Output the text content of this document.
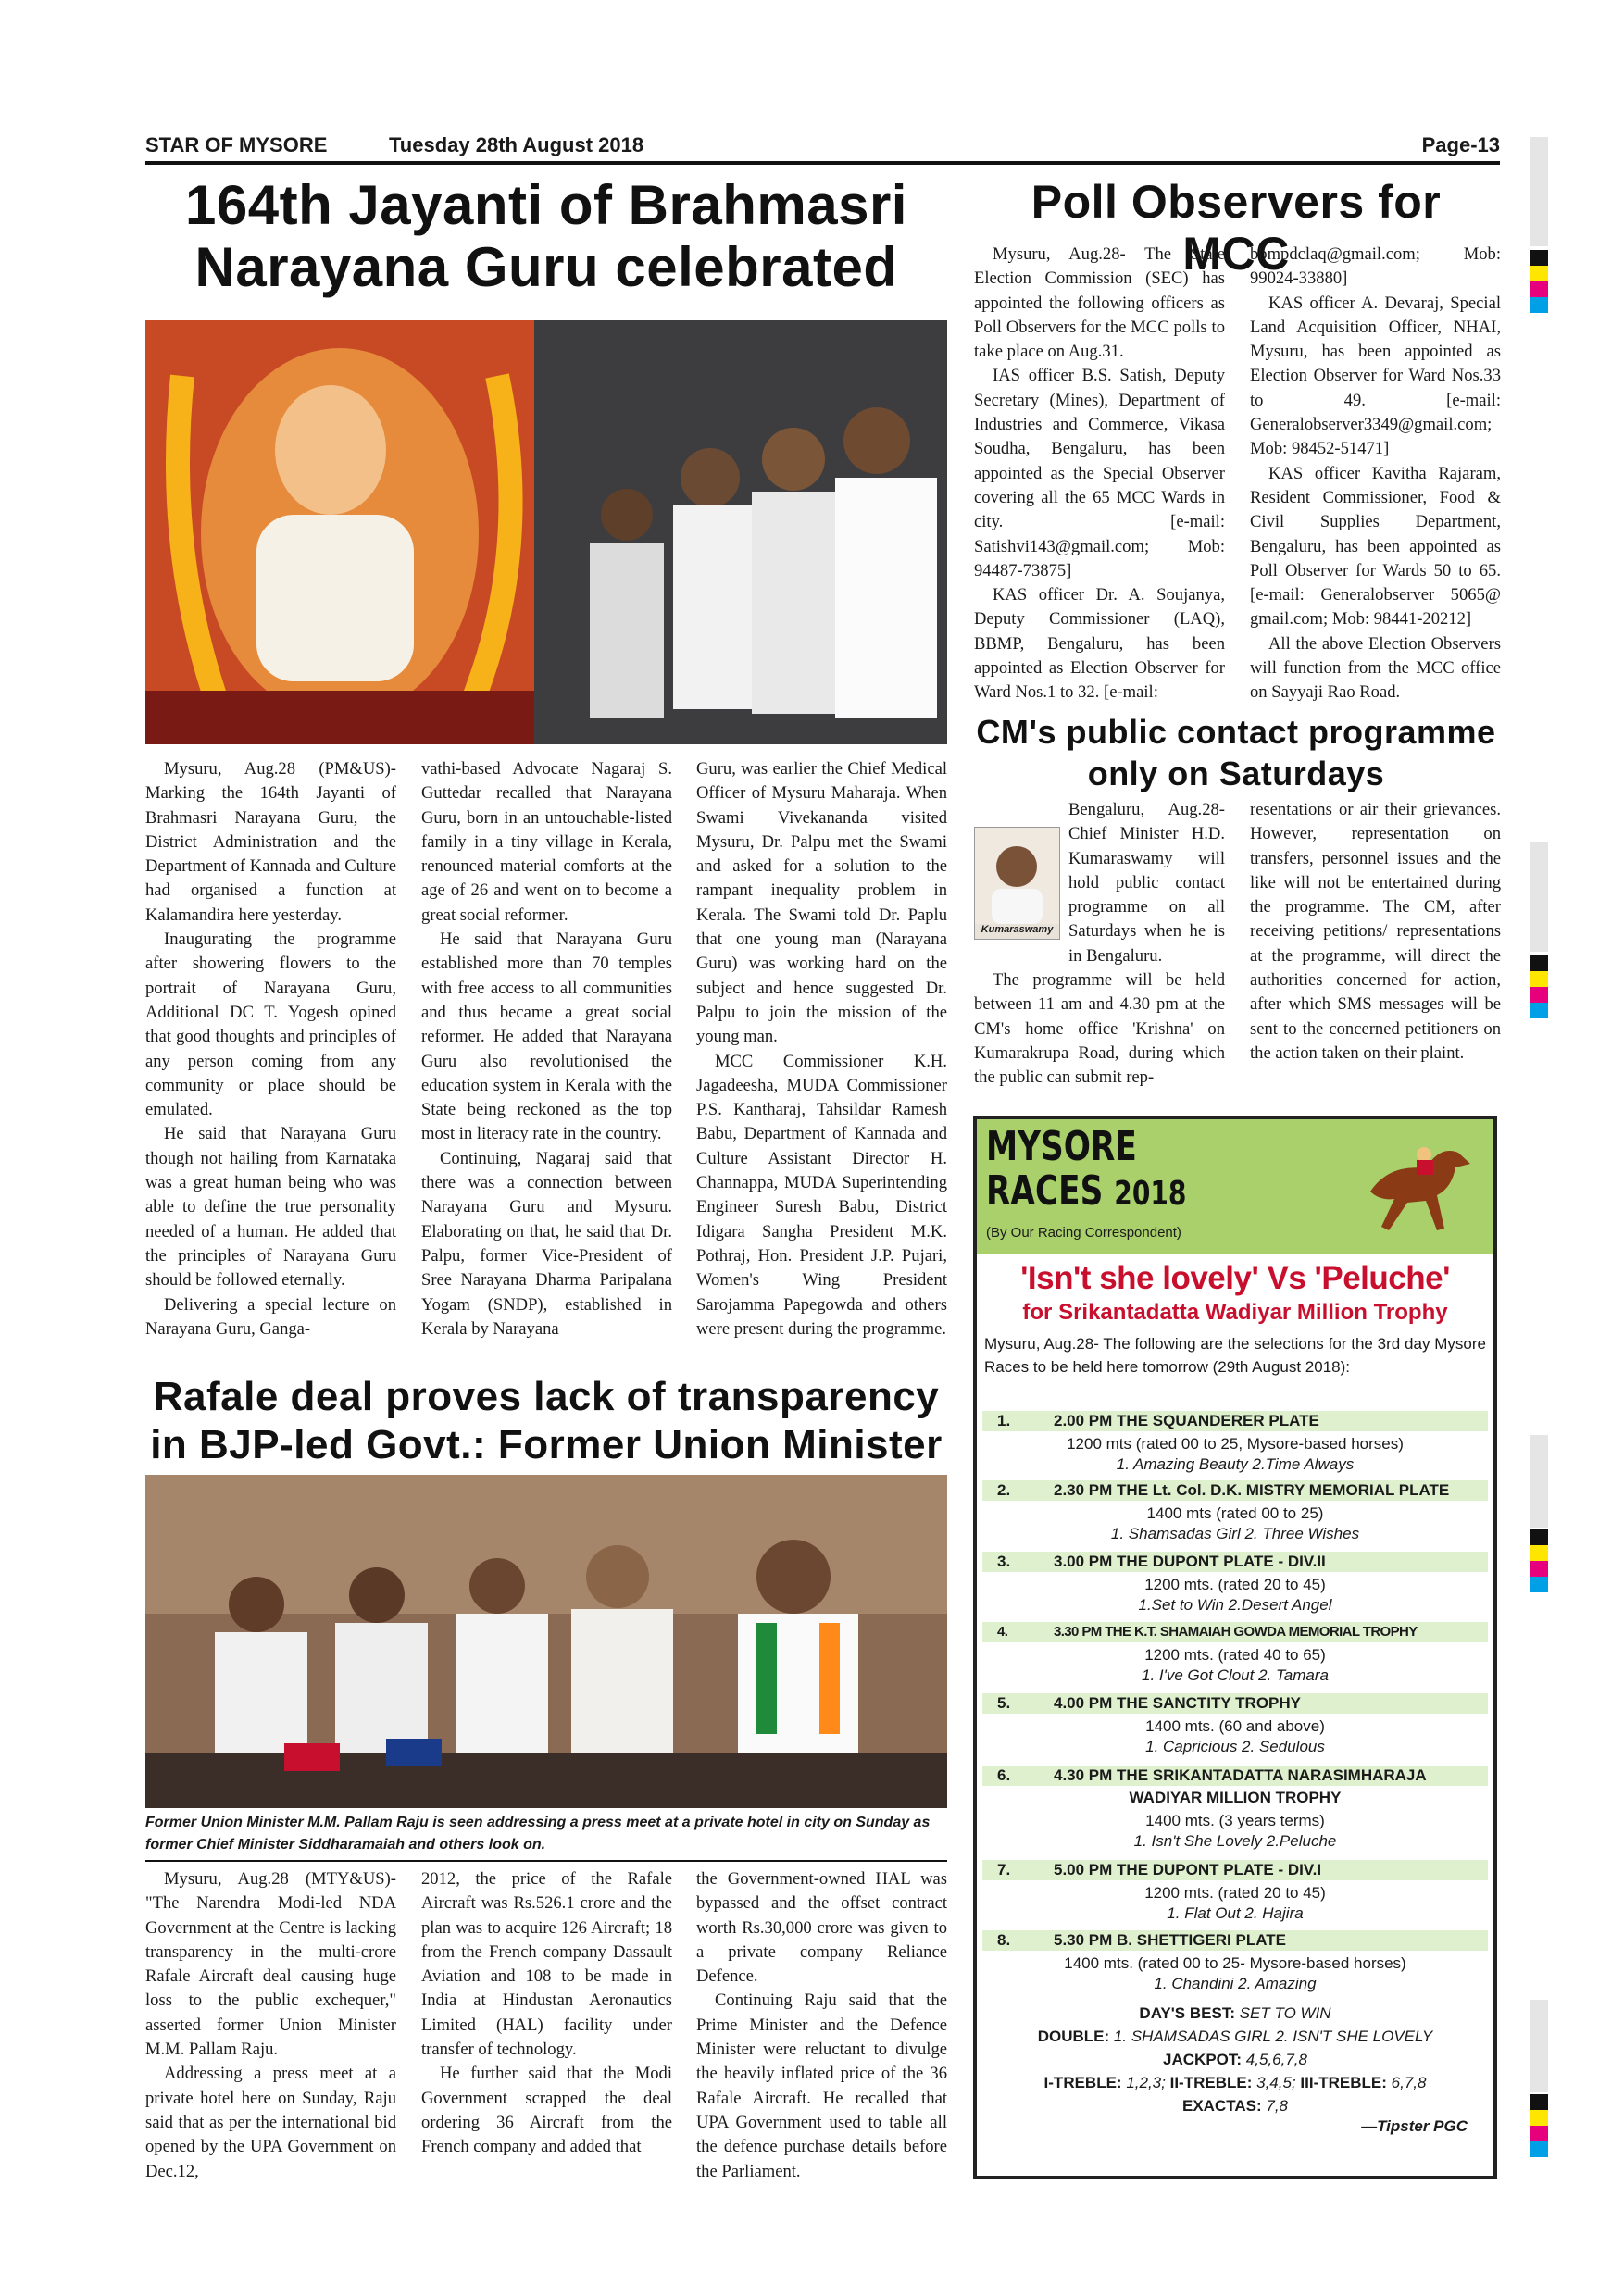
STAR OF MYSORE	Tuesday 28th August 2018	Page-13
164th Jayanti of Brahmasri
Narayana Guru celebrated

Mysuru, Aug.28 (PM&US)- Marking the 164th Jayanti of Brahmasri Narayana Guru, the District Administration and the Department of Kannada and Culture had organised a function at Kalamandira here yesterday.

Inaugurating the programme after showering flowers to the portrait of Narayana Guru, Additional DC T. Yogesh opined that good thoughts and principles of any person coming from any community or place should be emulated.

He said that Narayana Guru though not hailing from Karnataka was a great human being who was able to define the true personality needed of a human. He added that the principles of Narayana Guru should be followed eternally.

Delivering a special lecture on Narayana Guru, Ganga-

vathi-based Advocate Nagaraj S. Guttedar recalled that Narayana Guru, born in an untouchable-listed family in a tiny village in Kerala, renounced material comforts at the age of 26 and went on to become a great social reformer.

He said that Narayana Guru established more than 70 temples with free access to all communities and thus became a great social reformer. He added that Narayana Guru also revolutionised the education system in Kerala with the State being reckoned as the top most in literacy rate in the country.

Continuing, Nagaraj said that there was a connection between Narayana Guru and Mysuru. Elaborating on that, he said that Dr. Palpu, former Vice-President of Sree Narayana Dharma Paripalana Yogam (SNDP), established in Kerala by Narayana

Guru, was earlier the Chief Medical Officer of Mysuru Maharaja. When Swami Vivekananda visited Mysuru, Dr. Palpu met the Swami and asked for a solution to the rampant inequality problem in Kerala. The Swami told Dr. Paplu that one young man (Narayana Guru) was working hard on the subject and hence suggested Dr. Palpu to join the mission of the young man.

MCC Commissioner K.H. Jagadeesha, MUDA Commissioner P.S. Kantharaj, Tahsildar Ramesh Babu, Department of Kannada and Culture Assistant Director H. Channappa, MUDA Superintending Engineer Suresh Babu, District Idigara Sangha President M.K. Pothraj, Hon. President J.P. Pujari, Women's Wing President Sarojamma Papegowda and others were present during the programme.

Poll Observers for MCC

Mysuru, Aug.28- The State Election Commission (SEC) has appointed the following officers as Poll Observers for the MCC polls to take place on Aug.31.

IAS officer B.S. Satish, Deputy Secretary (Mines), Department of Industries and Commerce, Vikasa Soudha, Bengaluru, has been appointed as the Special Observer covering all the 65 MCC Wards in city. [e-mail: Satishvi143@gmail.com; Mob: 94487-73875]

KAS officer Dr. A. Soujanya, Deputy Commissioner (LAQ), BBMP, Bengaluru, has been appointed as Election Observer for Ward Nos.1 to 32. [e-mail:

bbmpdclaq@gmail.com; Mob: 99024-33880]

KAS officer A. Devaraj, Special Land Acquisition Officer, NHAI, Mysuru, has been appointed as Election Observer for Ward Nos.33 to 49. [e-mail: Generalobserver3349@gmail.com; Mob: 98452-51471]

KAS officer Kavitha Rajaram, Resident Commissioner, Food & Civil Supplies Department, Bengaluru, has been appointed as Poll Observer for Wards 50 to 65. [e-mail: Generalobserver 5065@ gmail.com; Mob: 98441-20212]

All the above Election Observers will function from the MCC office on Sayyaji Rao Road.

CM's public contact programme
only on Saturdays
Kumaraswamy

Bengaluru, Aug.28- Chief Minister H.D. Kumaraswamy will hold public contact programme on all Saturdays when he is in Bengaluru.

The programme will be held between 11 am and 4.30 pm at the CM's home office 'Krishna' on Kumarakrupa Road, during which the public can submit rep-

resentations or air their grievances. However, representation on transfers, personnel issues and the like will not be entertained during the programme. The CM, after receiving petitions/ representations at the programme, will direct the authorities concerned for action, after which SMS messages will be sent to the concerned petitioners on the action taken on their plaint.

Rafale deal proves lack of transparency
in BJP-led Govt.: Former Union Minister
Former Union Minister M.M. Pallam Raju is seen addressing a press meet at a private hotel in city on Sunday as former Chief Minister Siddharamaiah and others look on.

Mysuru, Aug.28 (MTY&US)- "The Narendra Modi-led NDA Government at the Centre is lacking transparency in the multi-crore Rafale Aircraft deal causing huge loss to the public exchequer," asserted former Union Minister M.M. Pallam Raju.

Addressing a press meet at a private hotel here on Sunday, Raju said that as per the international bid opened by the UPA Government on Dec.12,

2012, the price of the Rafale Aircraft was Rs.526.1 crore and the plan was to acquire 126 Aircraft; 18 from the French company Dassault Aviation and 108 to be made in India at Hindustan Aeronautics Limited (HAL) facility under transfer of technology.

He further said that the Modi Government scrapped the deal ordering 36 Aircraft from the French company and added that

the Government-owned HAL was bypassed and the offset contract worth Rs.30,000 crore was given to a private company Reliance Defence.

Continuing Raju said that the Prime Minister and the Defence Minister were reluctant to divulge the heavily inflated price of the 36 Rafale Aircraft. He recalled that UPA Government used to table all the defence purchase details before the Parliament.

MYSORE
RACES 2018
(By Our Racing Correspondent)
'Isn't she lovely' Vs 'Peluche'
for Srikantadatta Wadiyar Million Trophy
Mysuru, Aug.28- The following are the selections for the 3rd day Mysore Races to be held here tomorrow (29th August 2018):
1.	2.00 PM THE SQUANDERER PLATE
1200 mts (rated 00 to 25, Mysore-based horses)
1. Amazing Beauty 2.Time Always
2.	2.30 PM THE Lt. Col. D.K. MISTRY MEMORIAL PLATE
1400 mts (rated 00 to 25)
1. Shamsadas Girl 2. Three Wishes
3.	3.00 PM THE DUPONT PLATE - DIV.II
1200 mts. (rated 20 to 45)
1.Set to Win 2.Desert Angel
4.	3.30 PM THE K.T. SHAMAIAH GOWDA MEMORIAL TROPHY
1200 mts. (rated 40 to 65)
1. I've Got Clout 2. Tamara
5.	4.00 PM THE SANCTITY TROPHY
1400 mts. (60 and above)
1. Capricious 2. Sedulous
6.	4.30 PM THE SRIKANTADATTA NARASIMHARAJA
WADIYAR MILLION TROPHY
1400 mts. (3 years terms)
1. Isn't She Lovely 2.Peluche
7.	5.00 PM THE DUPONT PLATE - DIV.I
1200 mts. (rated 20 to 45)
1. Flat Out 2. Hajira
8.	5.30 PM B. SHETTIGERI PLATE
1400 mts. (rated 00 to 25- Mysore-based horses)
1. Chandini 2. Amazing
DAY'S BEST: SET TO WIN
DOUBLE: 1. SHAMSADAS GIRL 2. ISN'T SHE LOVELY
JACKPOT: 4,5,6,7,8
I-TREBLE: 1,2,3; II-TREBLE: 3,4,5; III-TREBLE: 6,7,8
EXACTAS: 7,8
—Tipster PGC
